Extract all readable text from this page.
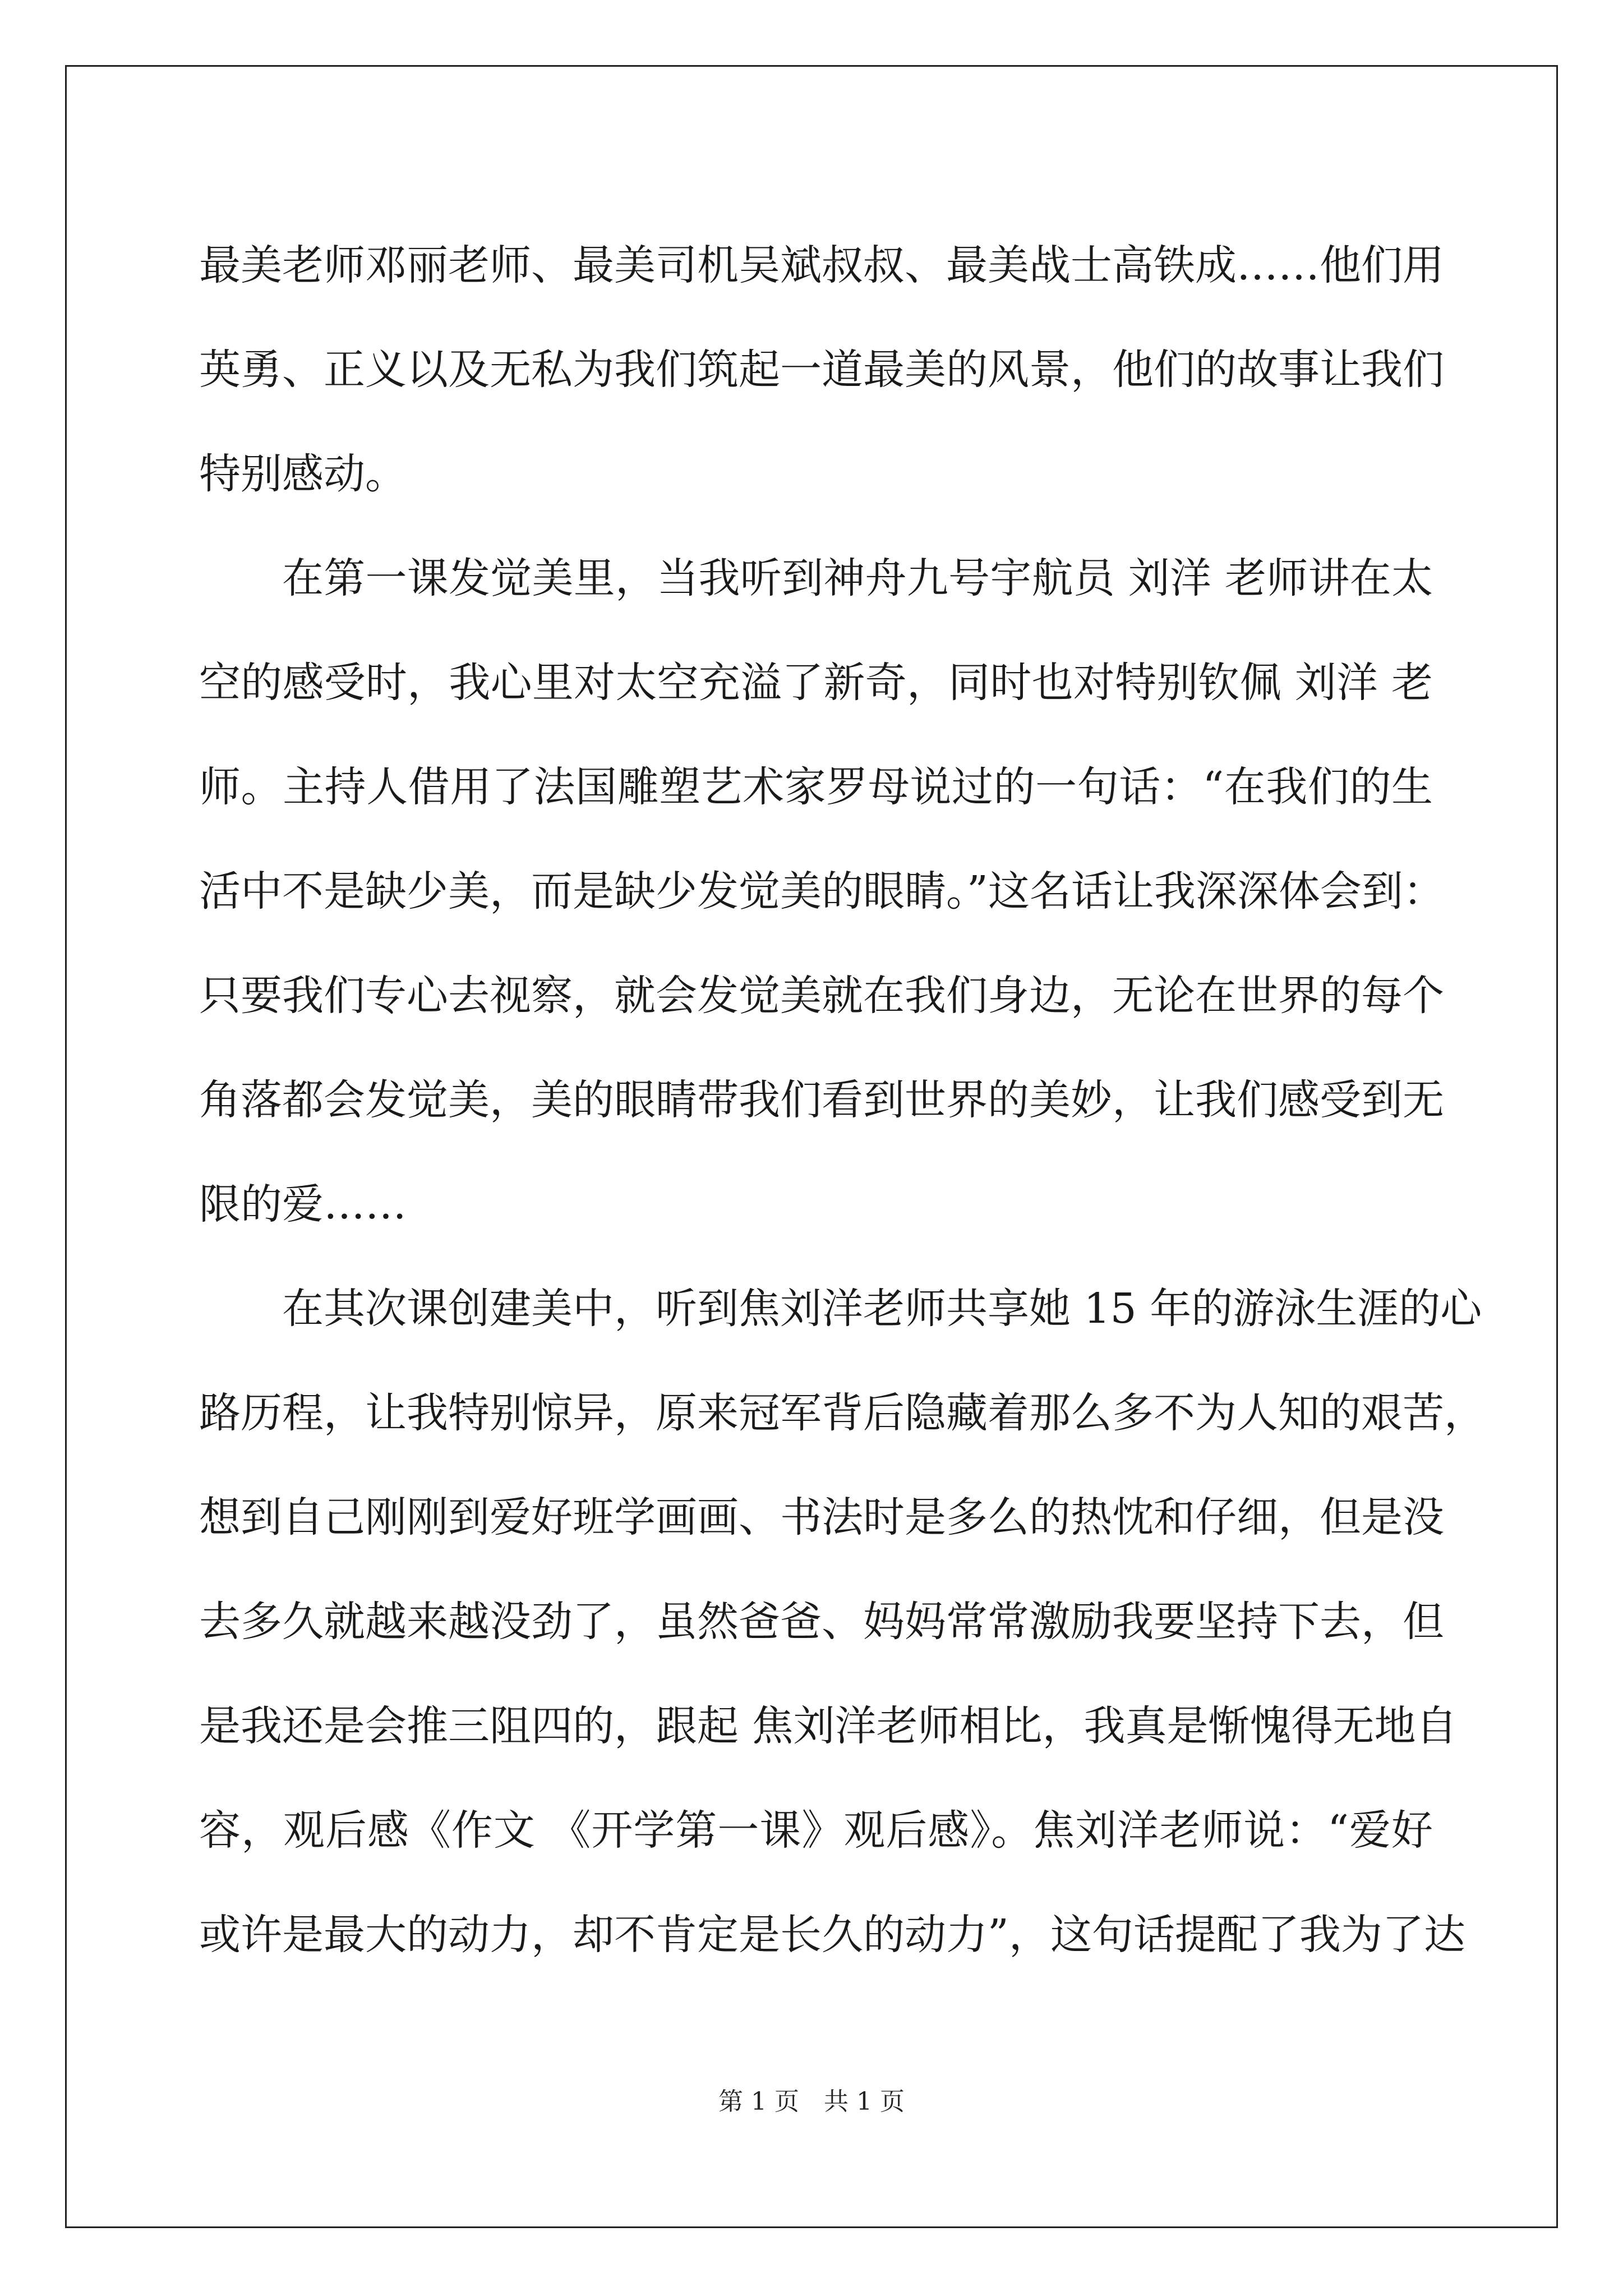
最美老师邓丽老师、最美司机吴斌叔叔、最美战士高铁成……他们用
英勇、正义以及无私为我们筑起一道最美的风景，他们的故事让我们
特别感动。
在第一课发觉美里，当我听到神舟九号宇航员 刘洋 老师讲在太
空的感受时，我心里对太空充溢了新奇，同时也对特别钦佩 刘洋 老
师。主持人借用了法国雕塑艺术家罗母说过的一句话：“在我们的生
活中不是缺少美，而是缺少发觉美的眼睛。”这名话让我深深体会到：
只要我们专心去视察，就会发觉美就在我们身边，无论在世界的每个
角落都会发觉美，美的眼睛带我们看到世界的美妙，让我们感受到无
限的爱……
在其次课创建美中，听到焦刘洋老师共享她 15 年的游泳生涯的心
路历程，让我特别惊异，原来冠军背后隐藏着那么多不为人知的艰苦，
想到自己刚刚到爱好班学画画、书法时是多么的热忱和仔细，但是没
去多久就越来越没劲了，虽然爸爸、妈妈常常激励我要坚持下去，但
是我还是会推三阻四的，跟起 焦刘洋老师相比，我真是惭愧得无地自
容，观后感《作文 《开学第一课》观后感》。焦刘洋老师说：“爱好
或许是最大的动力，却不肯定是长久的动力”，这句话提配了我为了达
第 1 页　共 1 页
